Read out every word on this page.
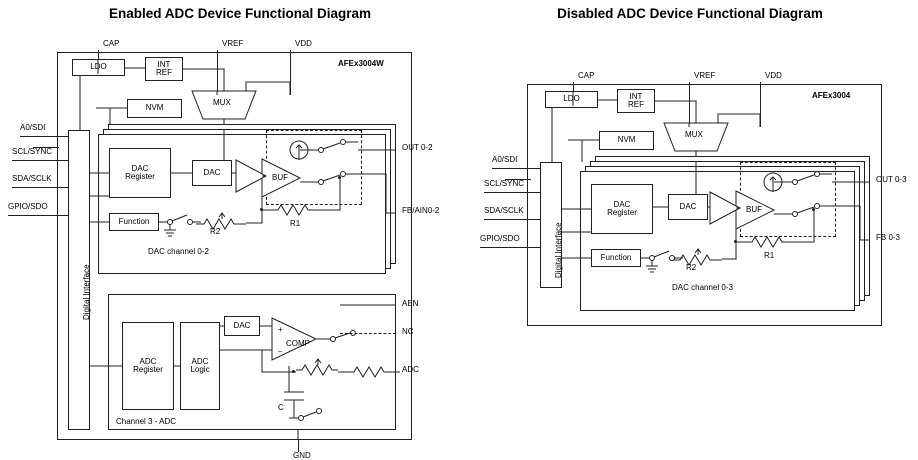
Enabled ADC Device Functional Diagram	Disabled ADC Device Functional Diagram
AFEx3004W
CAP	VREF	VDD
GND
LDO	INT
REF
NVM
MUX
Digital Interface
A0/SDI
SCL/SYNC
SDA/SCLK
GPIO/SDO
DAC channel 0-2
DAC
Register	DAC
Function
BUF
R1
R2
OUT 0-2
FB/AIN0-2
Channel 3 - ADC
ADC
Register
ADC
Logic
DAC	+
–
COMP
AEN
NC
ADC
C
AFEx3004
CAP	VREF	VDD
LDO	INT
REF
NVM
MUX
Digital Interface
A0/SDI
SCL/SYNC
SDA/SCLK
GPIO/SDO
DAC channel 0-3
DAC
Register
DAC
Function
BUF
R1
R2
OUT 0-3
FB 0-3
